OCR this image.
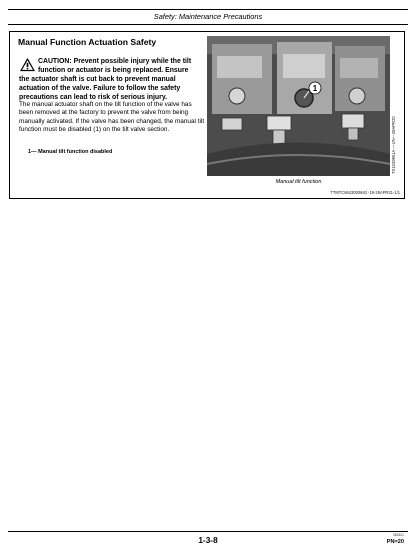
Safety: Maintenance Precautions
Manual Function Actuation Safety
CAUTION: Prevent possible injury while the tilt function or actuator is being replaced. Ensure the actuator shaft is cut back to prevent manual actuation of the valve. Failure to follow the safety precautions can lead to risk of serious injury.
The manual actuator shaft on the tilt function of the valve has been removed at the factory to prevent the valve from being manually activated. If the valve has been changed, the manual tilt function must be disabled (1) on the tilt valve section.
1— Manual tilt function disabled
1
TX1039961A —UN—28APR20
Manual tilt function
TTMTC8643000663 -19-28APR21-1/1
1-3-8	081821
PN=20
